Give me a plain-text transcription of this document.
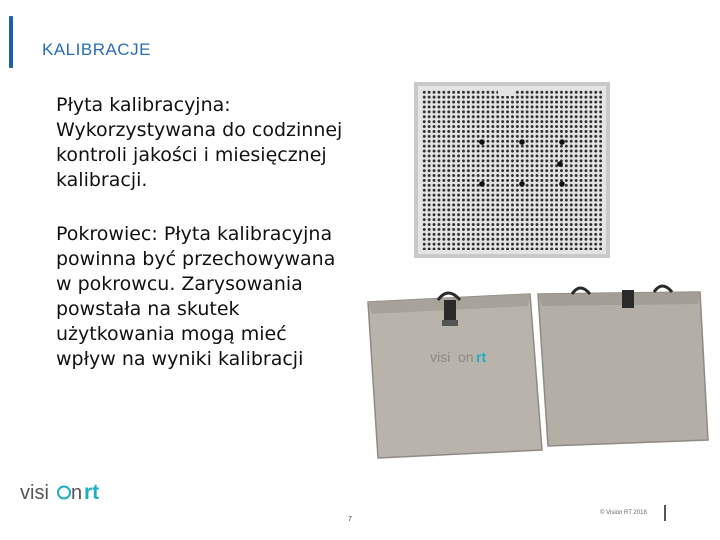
KALIBRACJE
Płyta kalibracyjna:
Wykorzystywana do codzinnej
kontroli jakości i miesięcznej
kalibracji.
Pokrowiec: Płyta kalibracyjna
powinna być przechowywana
w pokrowcu. Zarysowania
powstała na skutek
użytkowania mogą mieć
wpływ na wyniki kalibracji	visi on rt
visi n rt
7
© Vision RT 2018
